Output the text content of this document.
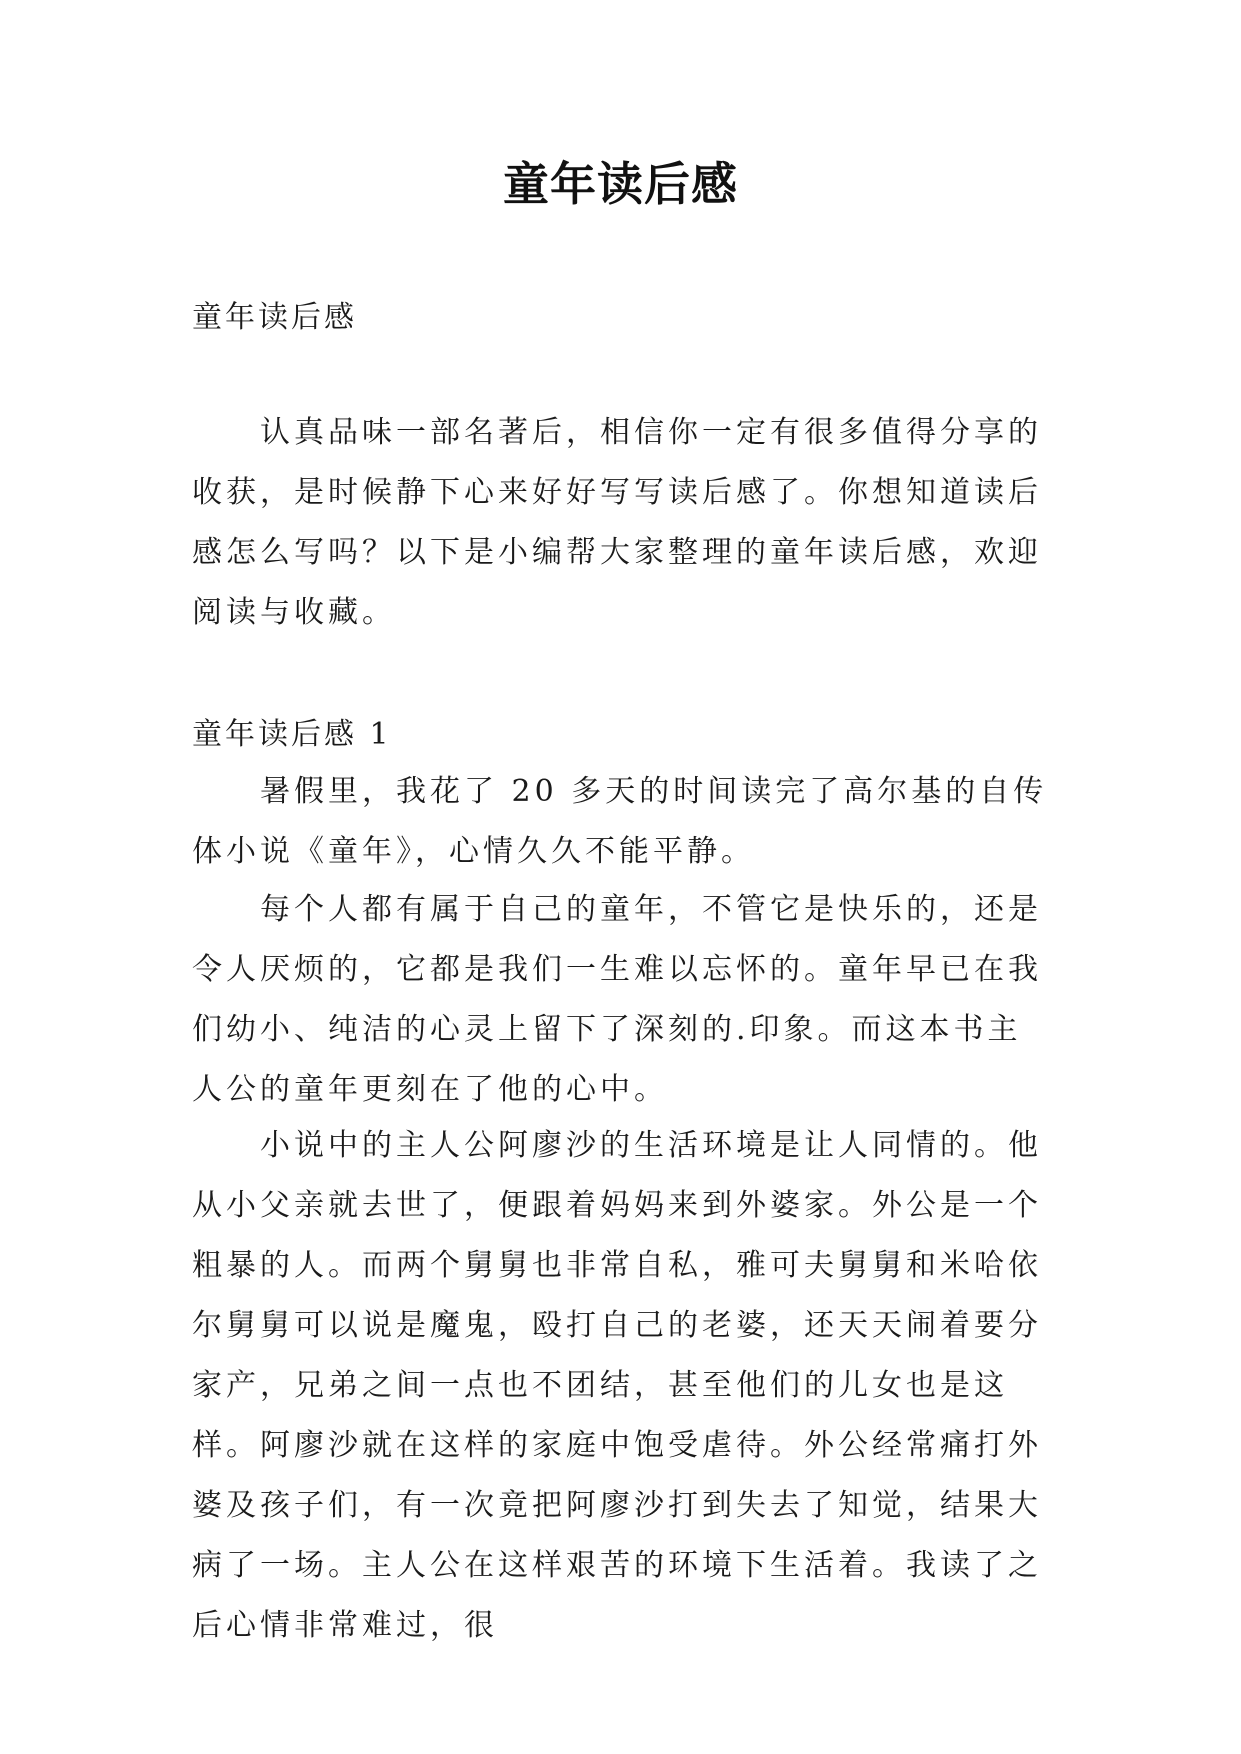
童年读后感

童年读后感

认真品味一部名著后，相信你一定有很多值得分享的收获，是时候静下心来好好写写读后感了。你想知道读后感怎么写吗？以下是小编帮大家整理的童年读后感，欢迎阅读与收藏。

童年读后感 1

暑假里，我花了 20 多天的时间读完了高尔基的自传体小说《童年》，心情久久不能平静。

每个人都有属于自己的童年，不管它是快乐的，还是令人厌烦的，它都是我们一生难以忘怀的。童年早已在我们幼小、纯洁的心灵上留下了深刻的.印象。而这本书主人公的童年更刻在了他的心中。

小说中的主人公阿廖沙的生活环境是让人同情的。他从小父亲就去世了，便跟着妈妈来到外婆家。外公是一个粗暴的人。而两个舅舅也非常自私，雅可夫舅舅和米哈依尔舅舅可以说是魔鬼，殴打自己的老婆，还天天闹着要分家产，兄弟之间一点也不团结，甚至他们的儿女也是这样。阿廖沙就在这样的家庭中饱受虐待。外公经常痛打外婆及孩子们，有一次竟把阿廖沙打到失去了知觉，结果大病了一场。主人公在这样艰苦的环境下生活着。我读了之后心情非常难过，很
